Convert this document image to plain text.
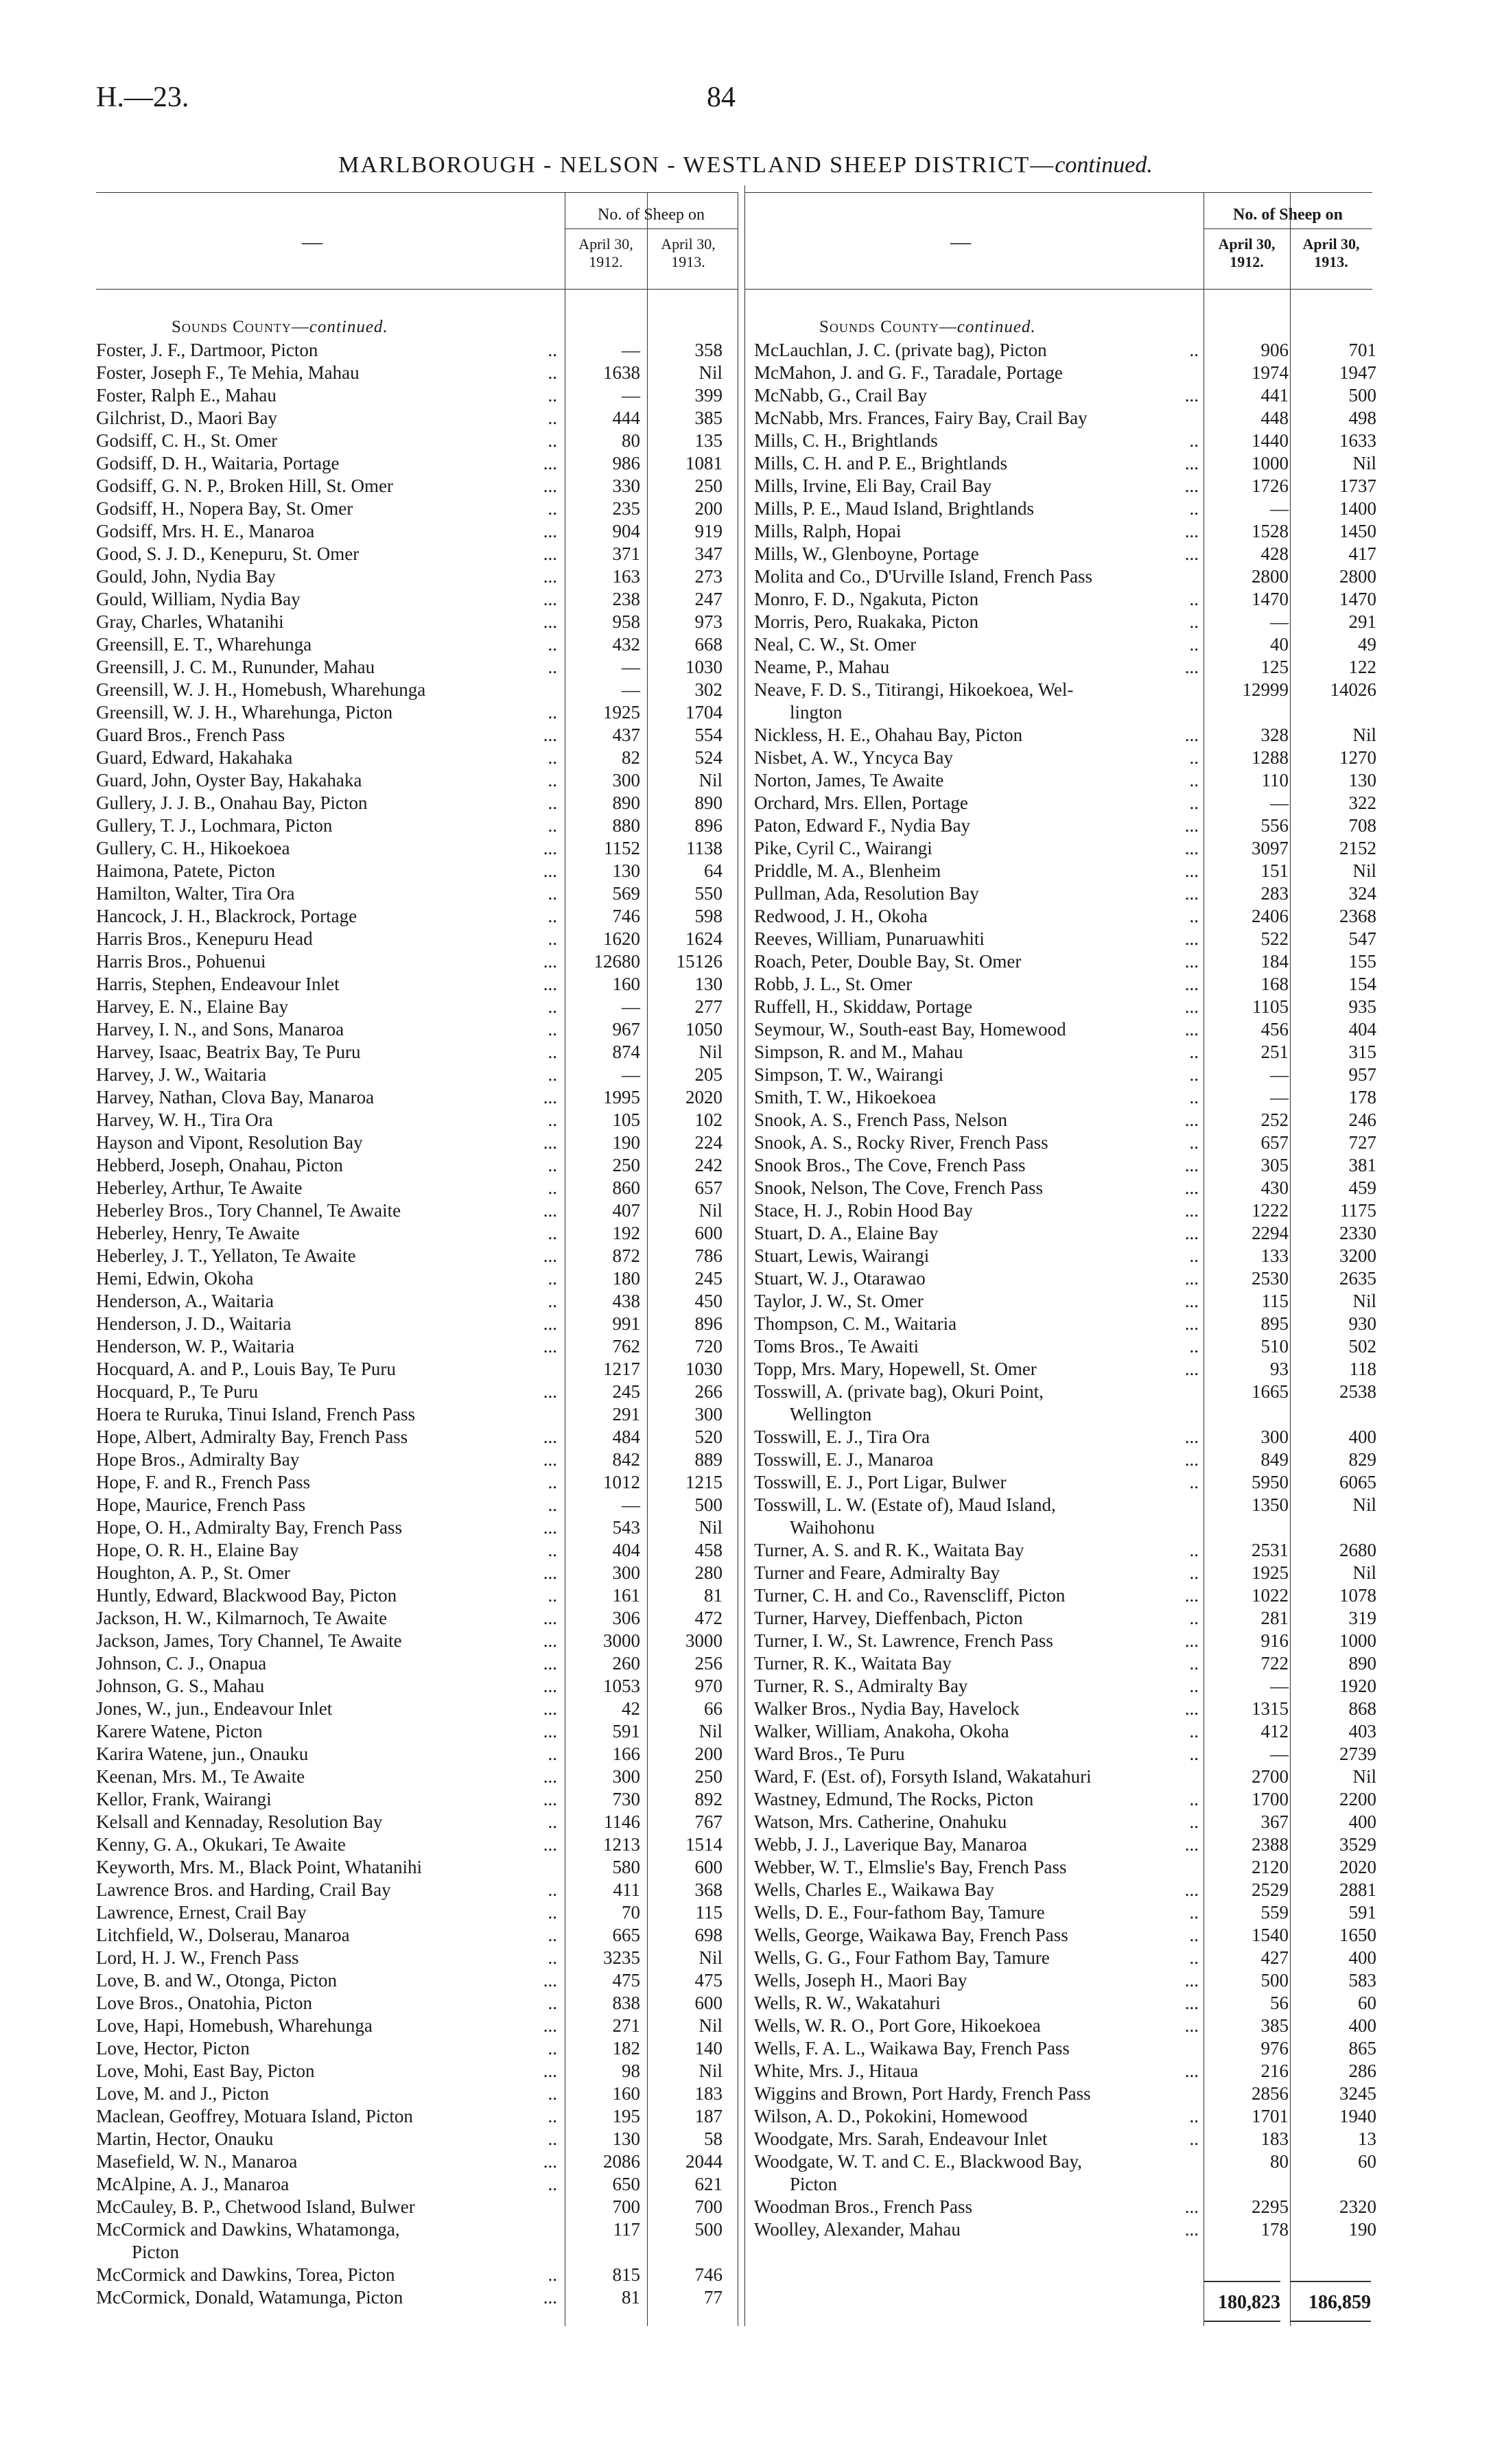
H.—23.	84
MARLBOROUGH - NELSON - WESTLAND SHEEP DISTRICT—continued.
—
No. of Sheep on
April 30,
1912.
April 30,
1913.
Sounds County—continued.
Foster, J. F., Dartmoor, Picton	..	—	358
Foster, Joseph F., Te Mehia, Mahau	..	1638	Nil
Foster, Ralph E., Mahau	..	—	399
Gilchrist, D., Maori Bay	..	444	385
Godsiff, C. H., St. Omer	..	80	135
Godsiff, D. H., Waitaria, Portage	...	986	1081
Godsiff, G. N. P., Broken Hill, St. Omer	...	330	250
Godsiff, H., Nopera Bay, St. Omer	..	235	200
Godsiff, Mrs. H. E., Manaroa	...	904	919
Good, S. J. D., Kenepuru, St. Omer	...	371	347
Gould, John, Nydia Bay	...	163	273
Gould, William, Nydia Bay	...	238	247
Gray, Charles, Whatanihi	...	958	973
Greensill, E. T., Wharehunga	..	432	668
Greensill, J. C. M., Rununder, Mahau	..	—	1030
Greensill, W. J. H., Homebush, Wharehunga	—	302
Greensill, W. J. H., Wharehunga, Picton	..	1925	1704
Guard Bros., French Pass	...	437	554
Guard, Edward, Hakahaka	..	82	524
Guard, John, Oyster Bay, Hakahaka	..	300	Nil
Gullery, J. J. B., Onahau Bay, Picton	..	890	890
Gullery, T. J., Lochmara, Picton	..	880	896
Gullery, C. H., Hikoekoea	...	1152	1138
Haimona, Patete, Picton	...	130	64
Hamilton, Walter, Tira Ora	..	569	550
Hancock, J. H., Blackrock, Portage	..	746	598
Harris Bros., Kenepuru Head	..	1620	1624
Harris Bros., Pohuenui	...	12680	15126
Harris, Stephen, Endeavour Inlet	...	160	130
Harvey, E. N., Elaine Bay	..	—	277
Harvey, I. N., and Sons, Manaroa	..	967	1050
Harvey, Isaac, Beatrix Bay, Te Puru	..	874	Nil
Harvey, J. W., Waitaria	..	—	205
Harvey, Nathan, Clova Bay, Manaroa	...	1995	2020
Harvey, W. H., Tira Ora	..	105	102
Hayson and Vipont, Resolution Bay	...	190	224
Hebberd, Joseph, Onahau, Picton	..	250	242
Heberley, Arthur, Te Awaite	..	860	657
Heberley Bros., Tory Channel, Te Awaite	...	407	Nil
Heberley, Henry, Te Awaite	..	192	600
Heberley, J. T., Yellaton, Te Awaite	...	872	786
Hemi, Edwin, Okoha	..	180	245
Henderson, A., Waitaria	..	438	450
Henderson, J. D., Waitaria	...	991	896
Henderson, W. P., Waitaria	...	762	720
Hocquard, A. and P., Louis Bay, Te Puru	1217	1030
Hocquard, P., Te Puru	...	245	266
Hoera te Ruruka, Tinui Island, French Pass	291	300
Hope, Albert, Admiralty Bay, French Pass	...	484	520
Hope Bros., Admiralty Bay	...	842	889
Hope, F. and R., French Pass	..	1012	1215
Hope, Maurice, French Pass	..	—	500
Hope, O. H., Admiralty Bay, French Pass	...	543	Nil
Hope, O. R. H., Elaine Bay	..	404	458
Houghton, A. P., St. Omer	...	300	280
Huntly, Edward, Blackwood Bay, Picton	..	161	81
Jackson, H. W., Kilmarnoch, Te Awaite	...	306	472
Jackson, James, Tory Channel, Te Awaite	...	3000	3000
Johnson, C. J., Onapua	...	260	256
Johnson, G. S., Mahau	...	1053	970
Jones, W., jun., Endeavour Inlet	...	42	66
Karere Watene, Picton	...	591	Nil
Karira Watene, jun., Onauku	..	166	200
Keenan, Mrs. M., Te Awaite	...	300	250
Kellor, Frank, Wairangi	...	730	892
Kelsall and Kennaday, Resolution Bay	..	1146	767
Kenny, G. A., Okukari, Te Awaite	...	1213	1514
Keyworth, Mrs. M., Black Point, Whatanihi	580	600
Lawrence Bros. and Harding, Crail Bay	..	411	368
Lawrence, Ernest, Crail Bay	..	70	115
Litchfield, W., Dolserau, Manaroa	..	665	698
Lord, H. J. W., French Pass	..	3235	Nil
Love, B. and W., Otonga, Picton	...	475	475
Love Bros., Onatohia, Picton	..	838	600
Love, Hapi, Homebush, Wharehunga	...	271	Nil
Love, Hector, Picton	..	182	140
Love, Mohi, East Bay, Picton	...	98	Nil
Love, M. and J., Picton	..	160	183
Maclean, Geoffrey, Motuara Island, Picton	..	195	187
Martin, Hector, Onauku	..	130	58
Masefield, W. N., Manaroa	...	2086	2044
McAlpine, A. J., Manaroa	..	650	621
McCauley, B. P., Chetwood Island, Bulwer	700	700
McCormick and Dawkins, Whatamonga,
Picton
117	500
McCormick and Dawkins, Torea, Picton	..	815	746
McCormick, Donald, Watamunga, Picton	...	81	77
—
No. of Sheep on
April 30,
1912.
April 30,
1913.
Sounds County—continued.
McLauchlan, J. C. (private bag), Picton	..	906	701
McMahon, J. and G. F., Taradale, Portage	1974	1947
McNabb, G., Crail Bay	...	441	500
McNabb, Mrs. Frances, Fairy Bay, Crail Bay	448	498
Mills, C. H., Brightlands	..	1440	1633
Mills, C. H. and P. E., Brightlands	...	1000	Nil
Mills, Irvine, Eli Bay, Crail Bay	...	1726	1737
Mills, P. E., Maud Island, Brightlands	..	—	1400
Mills, Ralph, Hopai	...	1528	1450
Mills, W., Glenboyne, Portage	...	428	417
Molita and Co., D'Urville Island, French Pass	2800	2800
Monro, F. D., Ngakuta, Picton	..	1470	1470
Morris, Pero, Ruakaka, Picton	..	—	291
Neal, C. W., St. Omer	..	40	49
Neame, P., Mahau	...	125	122
Neave, F. D. S., Titirangi, Hikoekoea, Wel-
lington
12999	14026
Nickless, H. E., Ohahau Bay, Picton	...	328	Nil
Nisbet, A. W., Yncyca Bay	..	1288	1270
Norton, James, Te Awaite	..	110	130
Orchard, Mrs. Ellen, Portage	..	—	322
Paton, Edward F., Nydia Bay	...	556	708
Pike, Cyril C., Wairangi	...	3097	2152
Priddle, M. A., Blenheim	...	151	Nil
Pullman, Ada, Resolution Bay	...	283	324
Redwood, J. H., Okoha	..	2406	2368
Reeves, William, Punaruawhiti	...	522	547
Roach, Peter, Double Bay, St. Omer	...	184	155
Robb, J. L., St. Omer	...	168	154
Ruffell, H., Skiddaw, Portage	...	1105	935
Seymour, W., South-east Bay, Homewood	...	456	404
Simpson, R. and M., Mahau	..	251	315
Simpson, T. W., Wairangi	..	—	957
Smith, T. W., Hikoekoea	..	—	178
Snook, A. S., French Pass, Nelson	...	252	246
Snook, A. S., Rocky River, French Pass	..	657	727
Snook Bros., The Cove, French Pass	...	305	381
Snook, Nelson, The Cove, French Pass	...	430	459
Stace, H. J., Robin Hood Bay	...	1222	1175
Stuart, D. A., Elaine Bay	...	2294	2330
Stuart, Lewis, Wairangi	..	133	3200
Stuart, W. J., Otarawao	...	2530	2635
Taylor, J. W., St. Omer	...	115	Nil
Thompson, C. M., Waitaria	...	895	930
Toms Bros., Te Awaiti	..	510	502
Topp, Mrs. Mary, Hopewell, St. Omer	...	93	118
Tosswill, A. (private bag), Okuri Point,
Wellington
1665	2538
Tosswill, E. J., Tira Ora	...	300	400
Tosswill, E. J., Manaroa	...	849	829
Tosswill, E. J., Port Ligar, Bulwer	..	5950	6065
Tosswill, L. W. (Estate of), Maud Island,
Waihohonu
1350	Nil
Turner, A. S. and R. K., Waitata Bay	..	2531	2680
Turner and Feare, Admiralty Bay	..	1925	Nil
Turner, C. H. and Co., Ravenscliff, Picton	...	1022	1078
Turner, Harvey, Dieffenbach, Picton	..	281	319
Turner, I. W., St. Lawrence, French Pass	...	916	1000
Turner, R. K., Waitata Bay	..	722	890
Turner, R. S., Admiralty Bay	..	—	1920
Walker Bros., Nydia Bay, Havelock	...	1315	868
Walker, William, Anakoha, Okoha	..	412	403
Ward Bros., Te Puru	..	—	2739
Ward, F. (Est. of), Forsyth Island, Wakatahuri	2700	Nil
Wastney, Edmund, The Rocks, Picton	..	1700	2200
Watson, Mrs. Catherine, Onahuku	..	367	400
Webb, J. J., Laverique Bay, Manaroa	...	2388	3529
Webber, W. T., Elmslie's Bay, French Pass	2120	2020
Wells, Charles E., Waikawa Bay	...	2529	2881
Wells, D. E., Four-fathom Bay, Tamure	..	559	591
Wells, George, Waikawa Bay, French Pass	..	1540	1650
Wells, G. G., Four Fathom Bay, Tamure	..	427	400
Wells, Joseph H., Maori Bay	...	500	583
Wells, R. W., Wakatahuri	...	56	60
Wells, W. R. O., Port Gore, Hikoekoea	...	385	400
Wells, F. A. L., Waikawa Bay, French Pass	976	865
White, Mrs. J., Hitaua	...	216	286
Wiggins and Brown, Port Hardy, French Pass	2856	3245
Wilson, A. D., Pokokini, Homewood	..	1701	1940
Woodgate, Mrs. Sarah, Endeavour Inlet	..	183	13
Woodgate, W. T. and C. E., Blackwood Bay,
Picton
80	60
Woodman Bros., French Pass	...	2295	2320
Woolley, Alexander, Mahau	...	178	190
180,823	186,859
